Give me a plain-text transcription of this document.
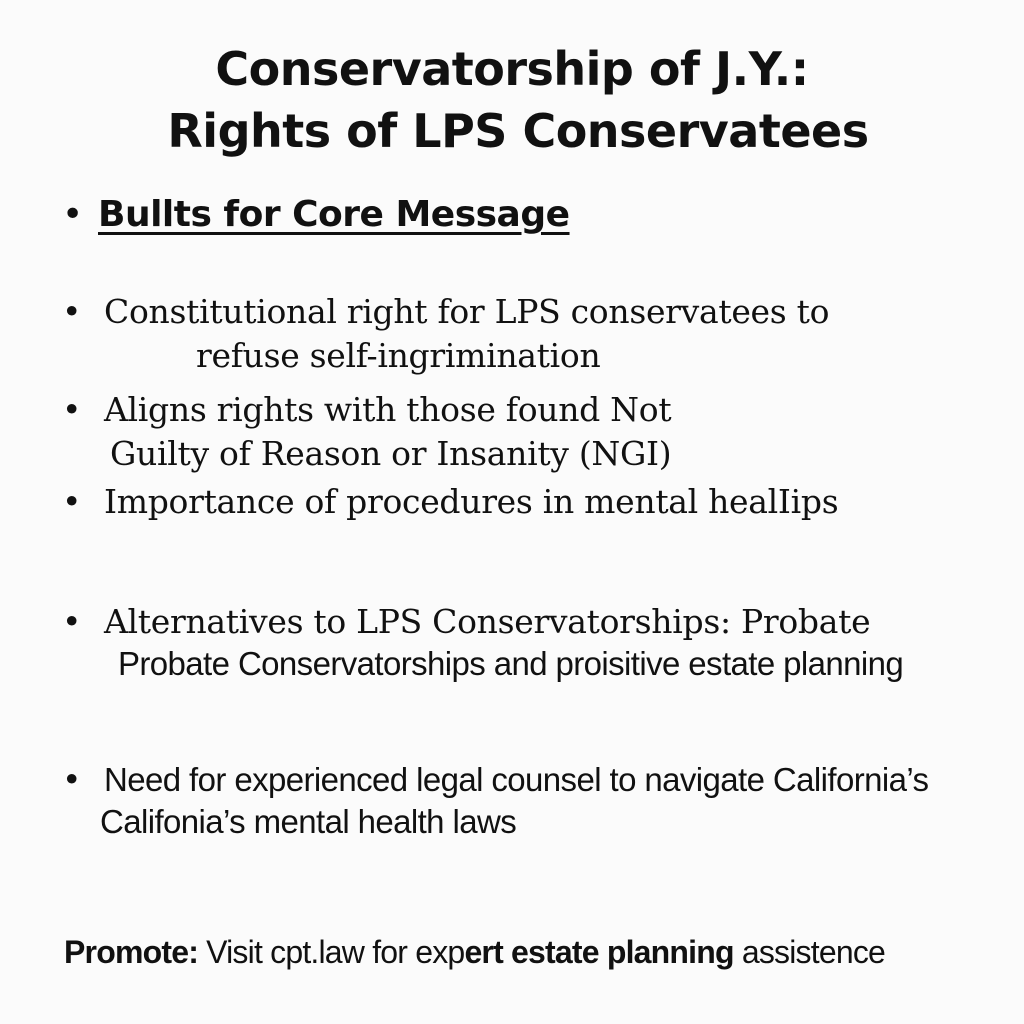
Conservatorship of J.Y.:
Rights of LPS Conservatees
• Bullts for Core Message
• Constitutional right for LPS conservatees to
refuse self-ingrimination
• Aligns rights with those found Not
Guilty of Reason or Insanity (NGI)
• Importance of procedures in mental healIips
• Alternatives to LPS Conservatorships: Probate
Probate Conservatorships and proisitive estate planning
• Need for experienced legal counsel to navigate California’s
Califonia’s mental health laws
Promote: Visit cpt.law for expert estate planning assistence
